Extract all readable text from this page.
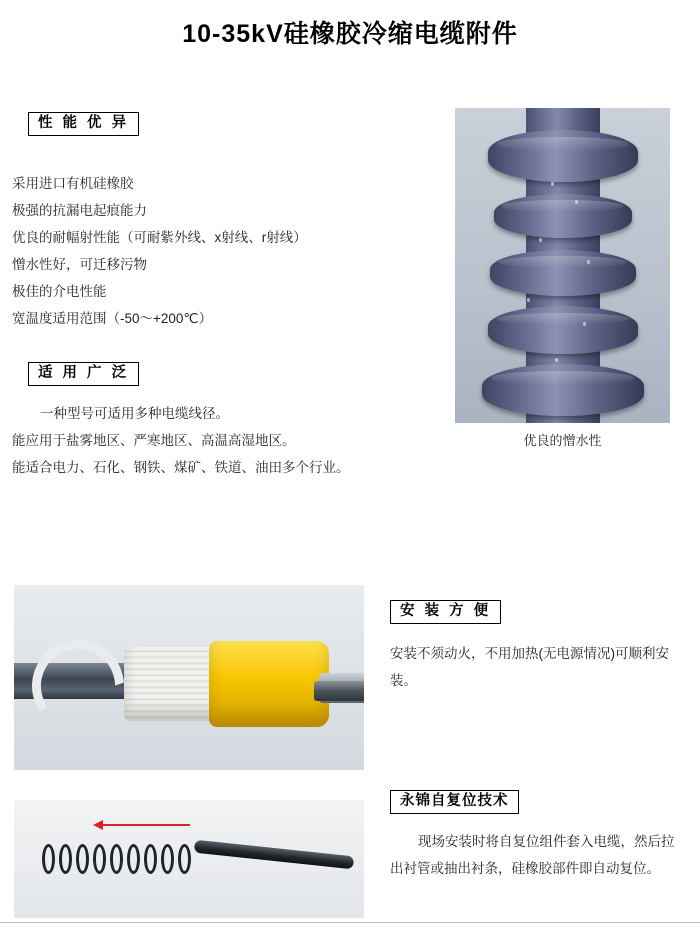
10-35kV硅橡胶冷缩电缆附件
性 能 优 异

采用进口有机硅橡胶

极强的抗漏电起痕能力

优良的耐幅射性能（可耐紫外线、x射线、r射线）

憎水性好，可迁移污物

极佳的介电性能

宽温度适用范围（-50～+200℃）

适 用 广 泛

一种型号可适用多种电缆线径。

能应用于盐雾地区、严寒地区、高温高湿地区。

能适合电力、石化、钢铁、煤矿、铁道、油田多个行业。

优良的憎水性
安 装 方 便

安装不须动火，不用加热(无电源情况)可顺利安装。

永锦自复位技术

现场安装时将自复位组件套入电缆，然后拉出衬管或抽出衬条，硅橡胶部件即自动复位。
